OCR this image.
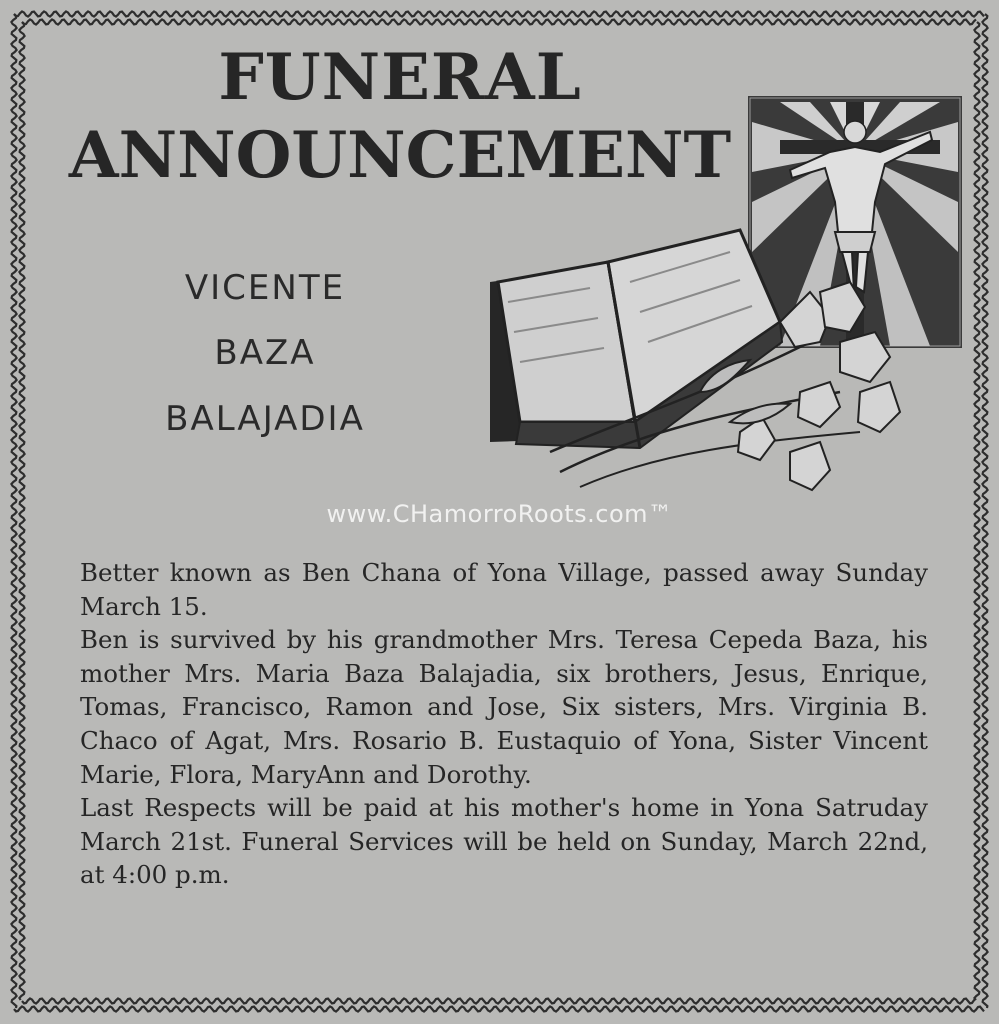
FUNERAL
ANNOUNCEMENT
VICENTE
BAZA
BALAJADIA
www.CHamorroRoots.com™

Better known as Ben Chana of Yona Village, passed away Sunday March 15.

Ben is survived by his grandmother Mrs. Teresa Cepeda Baza, his mother Mrs. Maria Baza Balajadia, six brothers, Jesus, Enrique, Tomas, Francisco, Ramon and Jose, Six sisters, Mrs. Virginia B. Chaco of Agat, Mrs. Rosario B. Eustaquio of Yona, Sister Vincent Marie, Flora, MaryAnn and Dorothy.

Last Respects will be paid at his mother's home in Yona Satruday March 21st. Funeral Services will be held on Sunday, March 22nd, at 4:00 p.m.
